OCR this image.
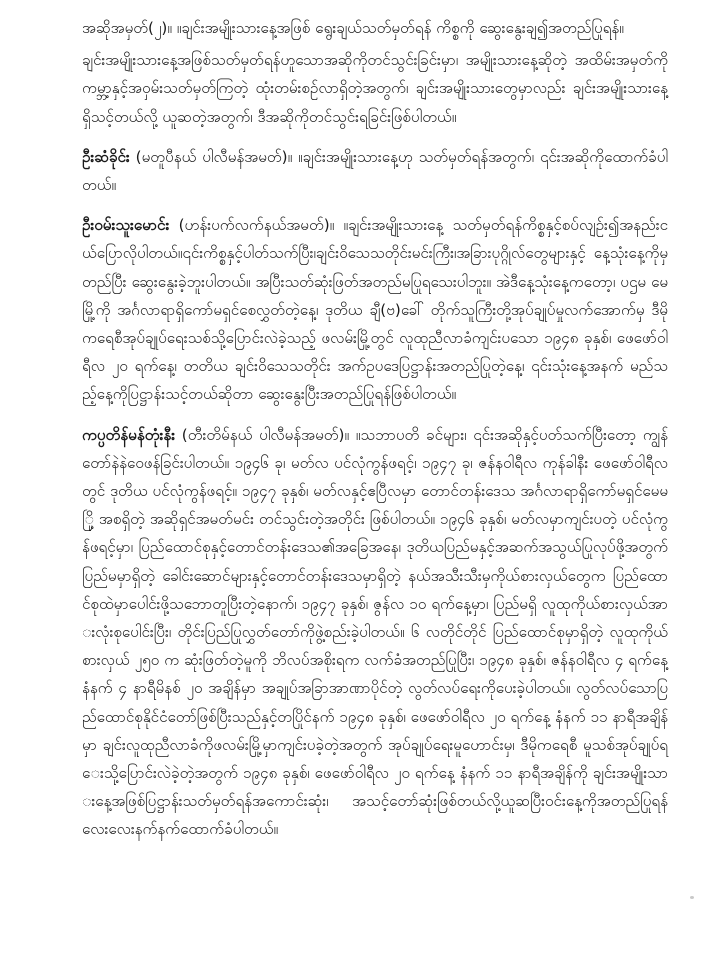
အဆိုအမှတ်(၂)။ ။ချင်းအမျိုးသားနေ့အဖြစ် ရွေးချယ်သတ်မှတ်ရန် ကိစ္စကို ဆွေးနွေးချ၍အတည်ပြုရန်။

ချင်းအမျိုးသားနေ့အဖြစ်သတ်မှတ်ရန်ဟူသောအဆိုကိုတင်သွင်းခြင်းမှာ၊ အမျိုးသားနေ့ဆိုတဲ့ အထိမ်းအမှတ်ကို ကမ္ဘာ့နှင့်အဝှမ်းသတ်မှတ်ကြတဲ့ ထုံးတမ်းစဉ်လာရှိတဲ့အတွက်၊ ချင်းအမျိုးသားတွေမှာလည်း ချင်းအမျိုးသားနေ့ ရှိသင့်တယ်လို့ ယူဆတဲ့အတွက်၊ ဒီအဆိုကိုတင်သွင်းရခြင်းဖြစ်ပါတယ်။

ဦးဆံခိုင်း (မတူပီနယ် ပါလီမန်အမတ်)။ ။ချင်းအမျိုးသားနေ့ဟု သတ်မှတ်ရန်အတွက်၊ ၎င်းအဆိုကိုထောက်ခံပါတယ်။

ဦးဝမ်းသူးမောင်း (ဟန်းပက်လက်နယ်အမတ်)။ ။ချင်းအမျိုးသားနေ့ သတ်မှတ်ရန်ကိစ္စနှင့်စပ်လျဉ်း၍အနည်းငယ်ပြောလိုပါတယ်။၎င်းကိစ္စနှင့်ပါတ်သက်ပြီး၊ချင်းဝိသေသတိုင်းမင်းကြီး၊အခြားပုဂ္ဂိုလ်တွေများနှင့် နေ့သုံးနေ့ကိုမှတည်ပြီး ဆွေးနွေးခဲ့ဘူးပါတယ်။ အပြီးသတ်ဆုံးဖြတ်အတည်မပြုရသေးပါဘူး။ အဲဒီနေ့သုံးနေ့ကတော့၊ ပဌမ မေမြို့ကို အင်္ဂလာရာရှိကော်မရှင်စေလွှတ်တဲ့နေ့၊ ဒုတိယ ချီ(ဗ)ခေါ် တိုက်သူကြီးတို့အုပ်ချုပ်မှုလက်အောက်မှ ဒီမိုကရေစီအုပ်ချုပ်ရေးသစ်သို့ပြောင်းလဲခဲ့သည့် ဖလမ်းမြို့တွင် လူထုညီလာခံကျင်းပသော ၁၉၄၈ ခုနှစ်၊ ဖေဖော်ဝါရီလ ၂၀ ရက်နေ့၊ တတိယ ချင်းဝိသေသတိုင်း အက်ဥပဒေပြဋ္ဌာန်းအတည်ပြုတဲ့နေ့၊ ၎င်းသုံးနေ့အနက် မည်သည့်နေ့ကိုပြဋ္ဌာန်းသင့်တယ်ဆိုတာ ဆွေးနွေးပြီးအတည်ပြုရန်ဖြစ်ပါတယ်။

ကပ္ပတိန်မန်တုံးနီး (တီးတိမ်နယ် ပါလီမန်အမတ်)။ ။သဘာပတိ ခင်များ၊ ၎င်းအဆိုနှင့်ပတ်သက်ပြီးတော့ ကျွန်တော်နဲနဲဝေဖန်ခြင်းပါတယ်။ ၁၉၄၆ ခု၊ မတ်လ ပင်လုံကွန်ဖရင့်၊ ၁၉၄၇ ခု၊ ဇန်နဝါရီလ ကုန်ခါနီး ဖေဖော်ဝါရီလတွင် ဒုတိယ ပင်လုံကွန်ဖရင့်။ ၁၉၄၇ ခုနှစ်၊ မတ်လနှင့်ဧပြီလမှာ တောင်တန်းဒေသ အင်္ဂလာရာရှိကော်မရှင်မေမြို့ အစရှိတဲ့ အဆိုရှင်အမတ်မင်း တင်သွင်းတဲ့အတိုင်း ဖြစ်ပါတယ်။ ၁၉၄၆ ခုနှစ်၊ မတ်လမှာကျင်းပတဲ့ ပင်လုံကွန်ဖရင့်မှာ၊ ပြည်ထောင်စုနှင့်တောင်တန်းဒေသ၏အခြေအနေ၊ ဒုတိယပြည်မနှင့်အဆက်အသွယ်ပြုလုပ်ဖို့အတွက် ပြည်မမှာရှိတဲ့ ခေါင်းဆောင်များနှင့်တောင်တန်းဒေသမှာရှိတဲ့ နယ်အသီးသီးမှကိုယ်စားလှယ်တွေက ပြည်ထောင်စုထဲမှာပေါင်းဖို့သဘောတူပြီးတဲ့နောက်၊ ၁၉၄၇ ခုနှစ်၊ ဇွန်လ ၁၀ ရက်နေ့မှာ၊ ပြည်မရှိ လူထုကိုယ်စားလှယ်အားလုံးစုပေါင်းပြီး၊ တိုင်းပြည်ပြုလွှတ်တော်ကိုဖွဲ့စည်းခဲ့ပါတယ်။ ၆ လတိုင်တိုင် ပြည်ထောင်စုမှာရှိတဲ့ လူထုကိုယ်စားလှယ် ၂၅၀ က ဆုံးဖြတ်တဲ့မူကို ဘိလပ်အစိုးရက လက်ခံအတည်ပြုပြီး၊ ၁၉၄၈ ခုနှစ်၊ ဇန်နဝါရီလ ၄ ရက်နေ့နံနက် ၄ နာရီမိနစ် ၂၀ အချိန်မှာ အချုပ်အခြာအာဏာပိုင်တဲ့ လွတ်လပ်ရေးကိုပေးခဲ့ပါတယ်။ လွတ်လပ်သောပြည်ထောင်စုနိုင်ငံတော်ဖြစ်ပြီးသည်နှင့်တပြိုင်နက် ၁၉၄၈ ခုနှစ်၊ ဖေဖော်ဝါရီလ ၂၀ ရက်နေ့ နံနက် ၁၁ နာရီအချိန်မှာ ချင်းလူထုညီလာခံကိုဖလမ်းမြို့မှာကျင်းပခဲ့တဲ့အတွက် အုပ်ချုပ်ရေးမူဟောင်းမှ၊ ဒီမိုကရေစီ မူသစ်အုပ်ချုပ်ရေးသို့ပြောင်းလဲခဲ့တဲ့အတွက် ၁၉၄၈ ခုနှစ်၊ ဖေဖော်ဝါရီလ ၂၀ ရက်နေ့ နံနက် ၁၁ နာရီအချိန်ကို ချင်းအမျိုးသားနေ့အဖြစ်ပြဋ္ဌာန်းသတ်မှတ်ရန်အကောင်းဆုံး၊ အသင့်တော်ဆုံးဖြစ်တယ်လို့ယူဆပြီးဝင်းနေ့ကိုအတည်ပြုရန် လေးလေးနက်နက်ထောက်ခံပါတယ်။
